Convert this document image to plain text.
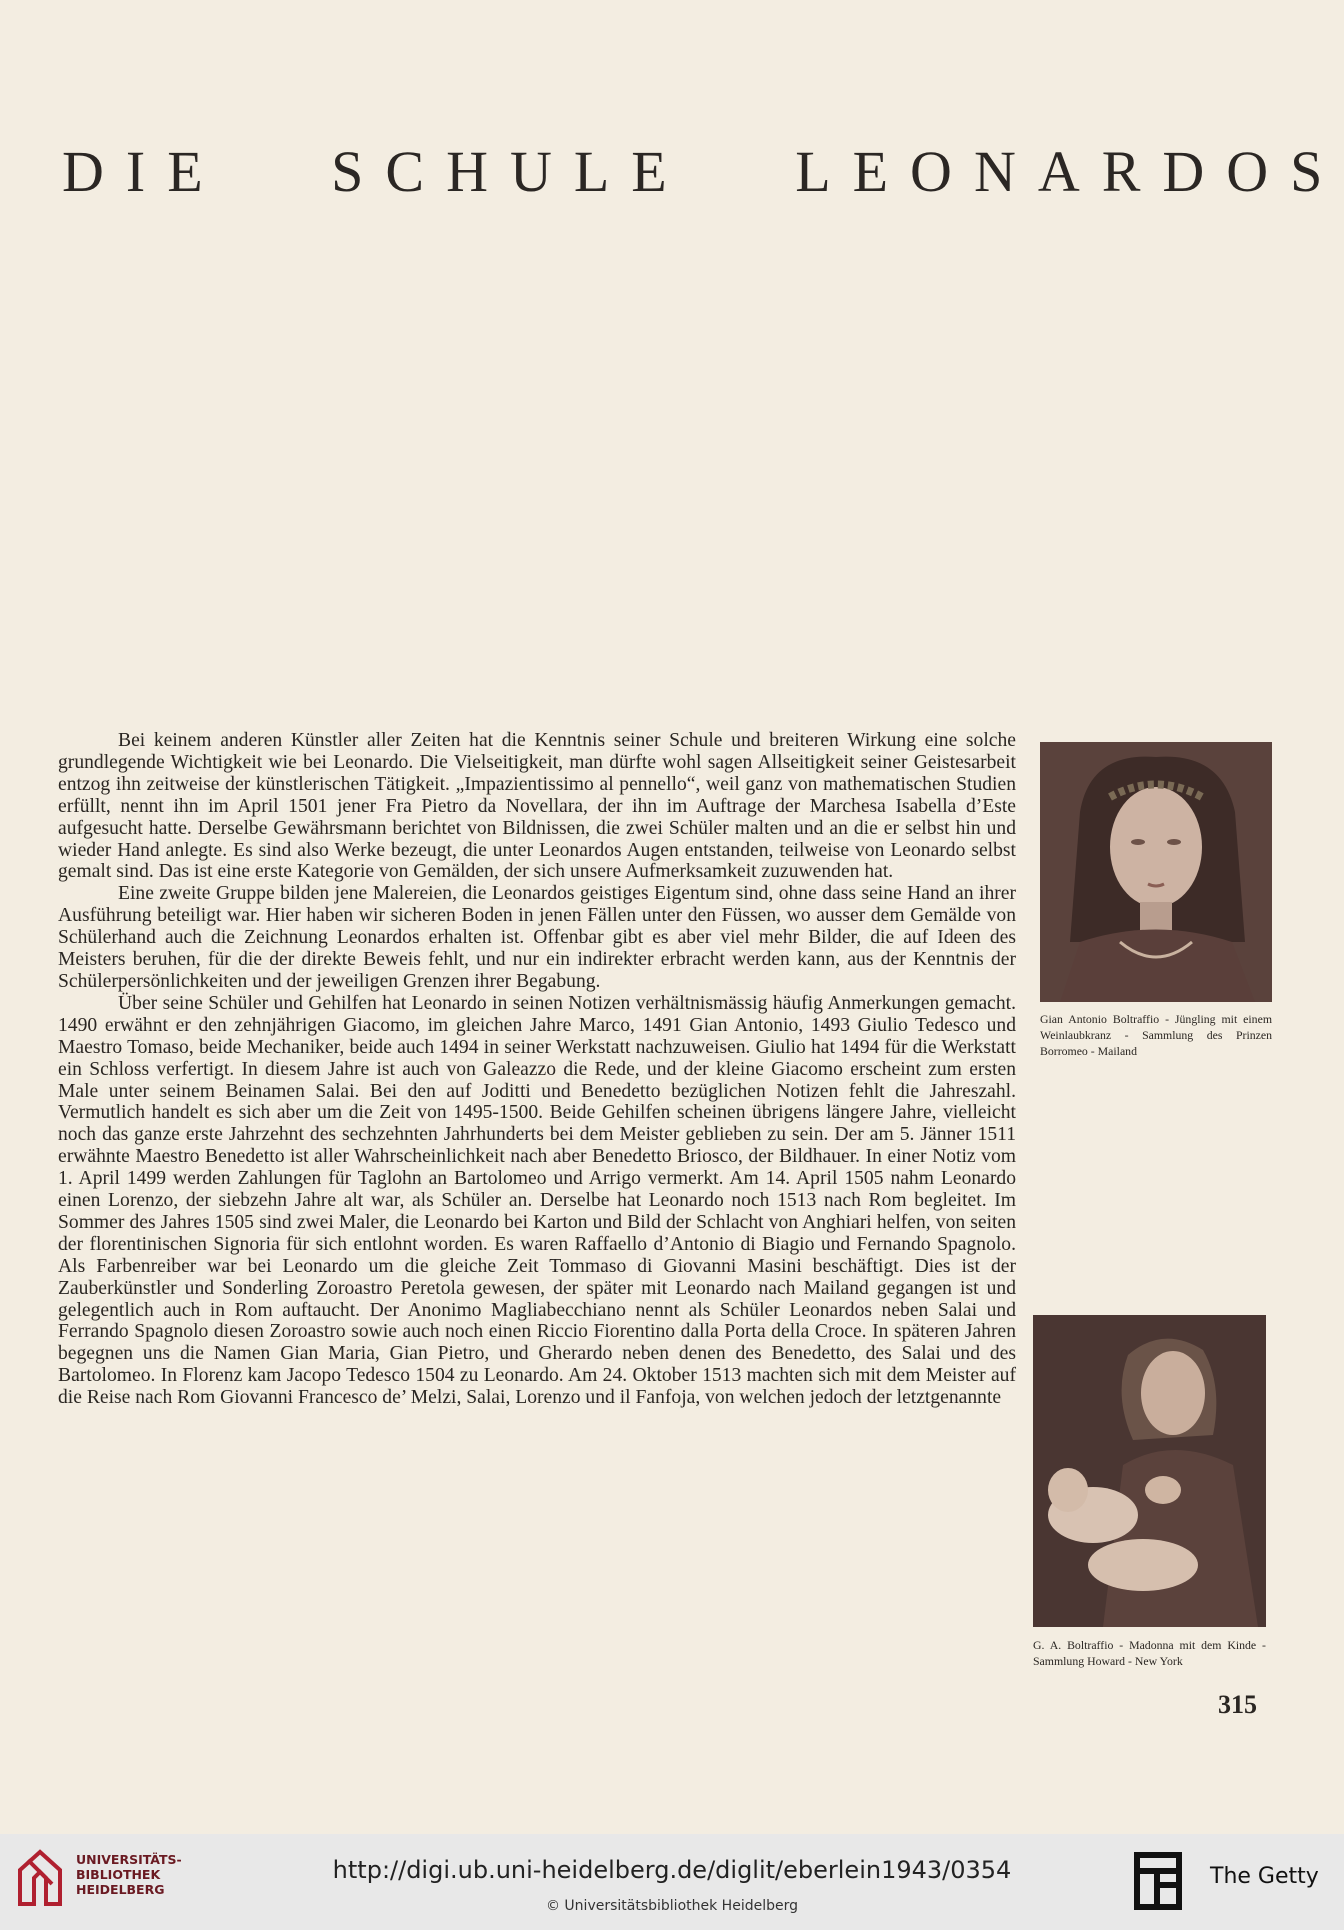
DIE SCHULE LEONARDOS

Bei keinem anderen Künstler aller Zeiten hat die Kenntnis seiner Schule und breiteren Wirkung eine solche grundlegende Wichtigkeit wie bei Leonardo. Die Vielseitigkeit, man dürfte wohl sagen Allseitigkeit seiner Geistesarbeit entzog ihn zeitweise der künstlerischen Tätigkeit. „Impazientissimo al pennello“, weil ganz von mathematischen Studien erfüllt, nennt ihn im April 1501 jener Fra Pietro da Novellara, der ihn im Auftrage der Marchesa Isabella d’Este aufgesucht hatte. Derselbe Gewährsmann berichtet von Bildnissen, die zwei Schüler malten und an die er selbst hin und wieder Hand anlegte. Es sind also Werke bezeugt, die unter Leonardos Augen entstanden, teilweise von Leonardo selbst gemalt sind. Das ist eine erste Kategorie von Gemälden, der sich unsere Aufmerksamkeit zuzuwenden hat.

Eine zweite Gruppe bilden jene Malereien, die Leonardos geistiges Eigentum sind, ohne dass seine Hand an ihrer Ausführung beteiligt war. Hier haben wir sicheren Boden in jenen Fällen unter den Füssen, wo ausser dem Gemälde von Schülerhand auch die Zeichnung Leonardos erhalten ist. Offenbar gibt es aber viel mehr Bilder, die auf Ideen des Meisters beruhen, für die der direkte Beweis fehlt, und nur ein indirekter erbracht werden kann, aus der Kenntnis der Schülerpersönlichkeiten und der jeweiligen Grenzen ihrer Begabung.

Über seine Schüler und Gehilfen hat Leonardo in seinen Notizen verhältnismässig häufig Anmerkungen gemacht. 1490 erwähnt er den zehnjährigen Giacomo, im gleichen Jahre Marco, 1491 Gian Antonio, 1493 Giulio Tedesco und Maestro Tomaso, beide Mechaniker, beide auch 1494 in seiner Werkstatt nachzuweisen. Giulio hat 1494 für die Werkstatt ein Schloss verfertigt. In diesem Jahre ist auch von Galeazzo die Rede, und der kleine Giacomo erscheint zum ersten Male unter seinem Beinamen Salai. Bei den auf Joditti und Benedetto bezüglichen Notizen fehlt die Jahreszahl. Vermutlich handelt es sich aber um die Zeit von 1495-1500. Beide Gehilfen scheinen übrigens längere Jahre, vielleicht noch das ganze erste Jahrzehnt des sechzehnten Jahrhunderts bei dem Meister geblieben zu sein. Der am 5. Jänner 1511 erwähnte Maestro Benedetto ist aller Wahrscheinlichkeit nach aber Benedetto Briosco, der Bildhauer. In einer Notiz vom 1. April 1499 werden Zahlungen für Taglohn an Bartolomeo und Arrigo vermerkt. Am 14. April 1505 nahm Leonardo einen Lorenzo, der siebzehn Jahre alt war, als Schüler an. Derselbe hat Leonardo noch 1513 nach Rom begleitet. Im Sommer des Jahres 1505 sind zwei Maler, die Leonardo bei Karton und Bild der Schlacht von Anghiari helfen, von seiten der florentinischen Signoria für sich entlohnt worden. Es waren Raffaello d’Antonio di Biagio und Fernando Spagnolo. Als Farbenreiber war bei Leonardo um die gleiche Zeit Tommaso di Giovanni Masini beschäftigt. Dies ist der Zauberkünstler und Sonderling Zoroastro Peretola gewesen, der später mit Leonardo nach Mailand gegangen ist und gelegentlich auch in Rom auftaucht. Der Anonimo Magliabecchiano nennt als Schüler Leonardos neben Salai und Ferrando Spagnolo diesen Zoroastro sowie auch noch einen Riccio Fiorentino dalla Porta della Croce. In späteren Jahren begegnen uns die Namen Gian Maria, Gian Pietro, und Gherardo neben denen des Benedetto, des Salai und des Bartolomeo. In Florenz kam Jacopo Tedesco 1504 zu Leonardo. Am 24. Oktober 1513 machten sich mit dem Meister auf die Reise nach Rom Giovanni Francesco de’ Melzi, Salai, Lorenzo und il Fanfoja, von welchen jedoch der letztgenannte

Gian Antonio Boltraffio - Jüngling mit einem Weinlaubkranz - Sammlung des Prinzen Borromeo - Mailand
G. A. Boltraffio - Madonna mit dem Kinde - Sammlung Howard - New York
315
UNIVERSITÄTS-
BIBLIOTHEK
HEIDELBERG
http://digi.ub.uni-heidelberg.de/diglit/eberlein1943/0354
© Universitätsbibliothek Heidelberg
The Getty
